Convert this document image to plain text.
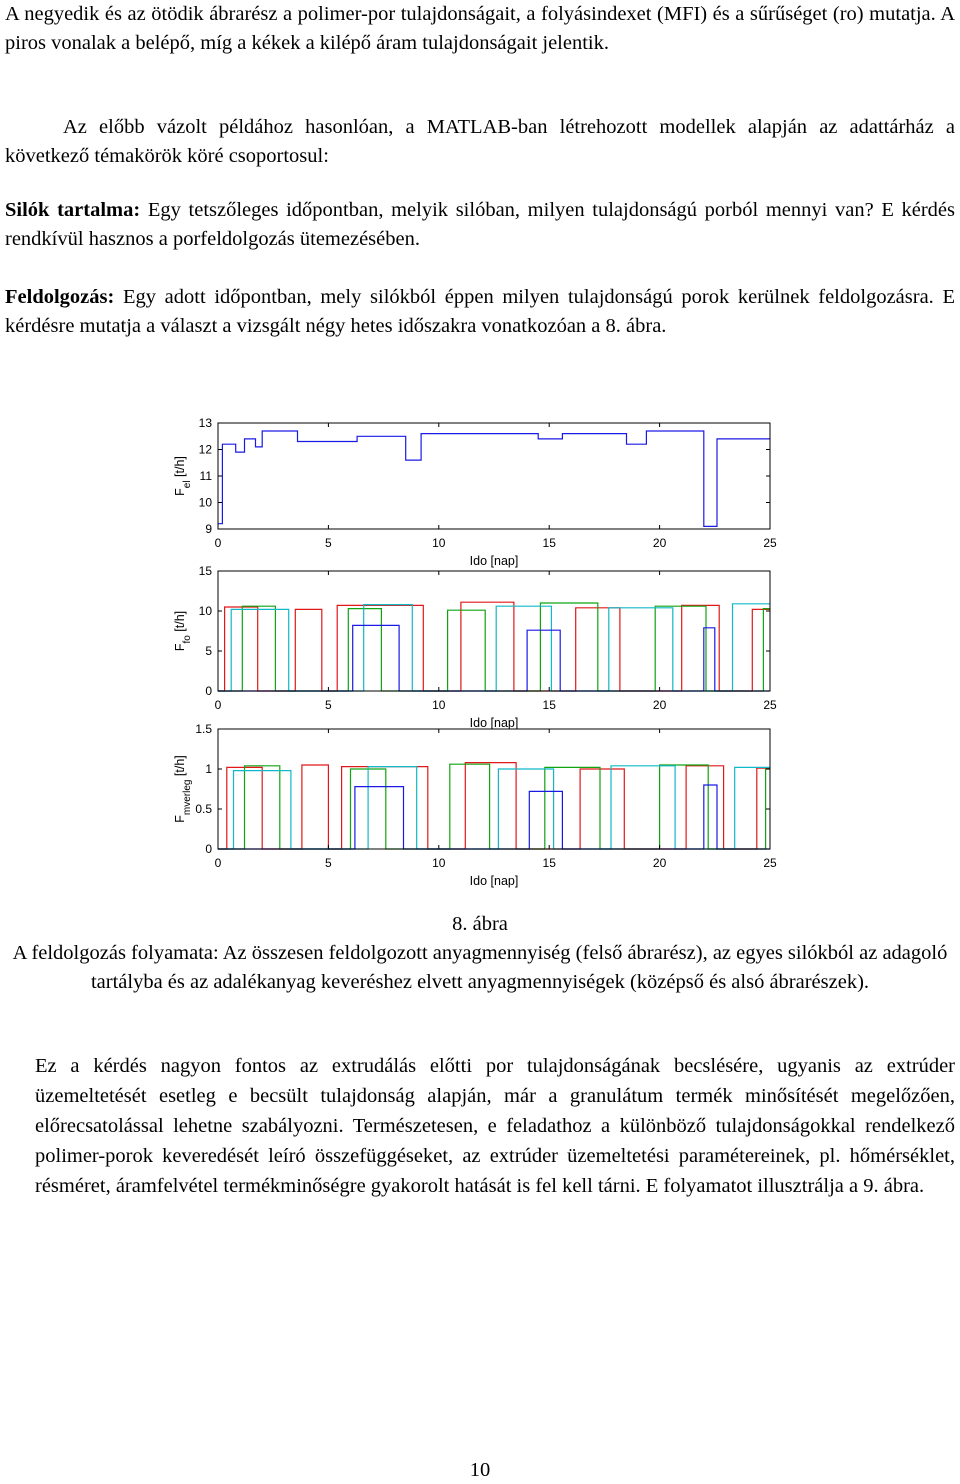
A negyedik és az ötödik ábrarész a polimer-por tulajdonságait, a folyásindexet (MFI) és a sűrűséget (ro) mutatja. A piros vonalak a belépő, míg a kékek a kilépő áram tulajdonságait jelentik.

Az előbb vázolt példához hasonlóan, a MATLAB-ban létrehozott modellek alapján az adattárház a következő témakörök köré csoportosul:

Silók tartalma: Egy tetszőleges időpontban, melyik silóban, milyen tulajdonságú porból mennyi van? E kérdés rendkívül hasznos a porfeldolgozás ütemezésében.

Feldolgozás: Egy adott időpontban, mely silókból éppen milyen tulajdonságú porok kerülnek feldolgozásra. E kérdésre mutatja a választ a vizsgált négy hetes időszakra vonatkozóan a 8. ábra.

0	5	10	15	20	25
9
10
11
12
13
Ido [nap]
$F_{el}$ [t/h]
0	5	10	15	20	25
0
5
10
15
Ido [nap]
$F_{fo}$ [t/h]
0	5	10	15	20	25
0
0.5
1
1.5
Ido [nap]
$F_{mverleg}$ [t/h]

8. ábra

A feldolgozás folyamata: Az összesen feldolgozott anyagmennyiség (felső ábrarész), az egyes silókból az adagoló tartályba és az adalékanyag keveréshez elvett anyagmennyiségek (középső és alsó ábrarészek).

Ez a kérdés nagyon fontos az extrudálás előtti por tulajdonságának becslésére, ugyanis az extrúder üzemeltetését esetleg e becsült tulajdonság alapján, már a granulátum termék minősítését megelőzően, előrecsatolással lehetne szabályozni. Természetesen, e feladathoz a különböző tulajdonságokkal rendelkező polimer-porok keveredését leíró összefüggéseket, az extrúder üzemeltetési paramétereinek, pl. hőmérséklet, résméret, áramfelvétel termékminőségre gyakorolt hatását is fel kell tárni. E folyamatot illusztrálja a 9. ábra.

10
